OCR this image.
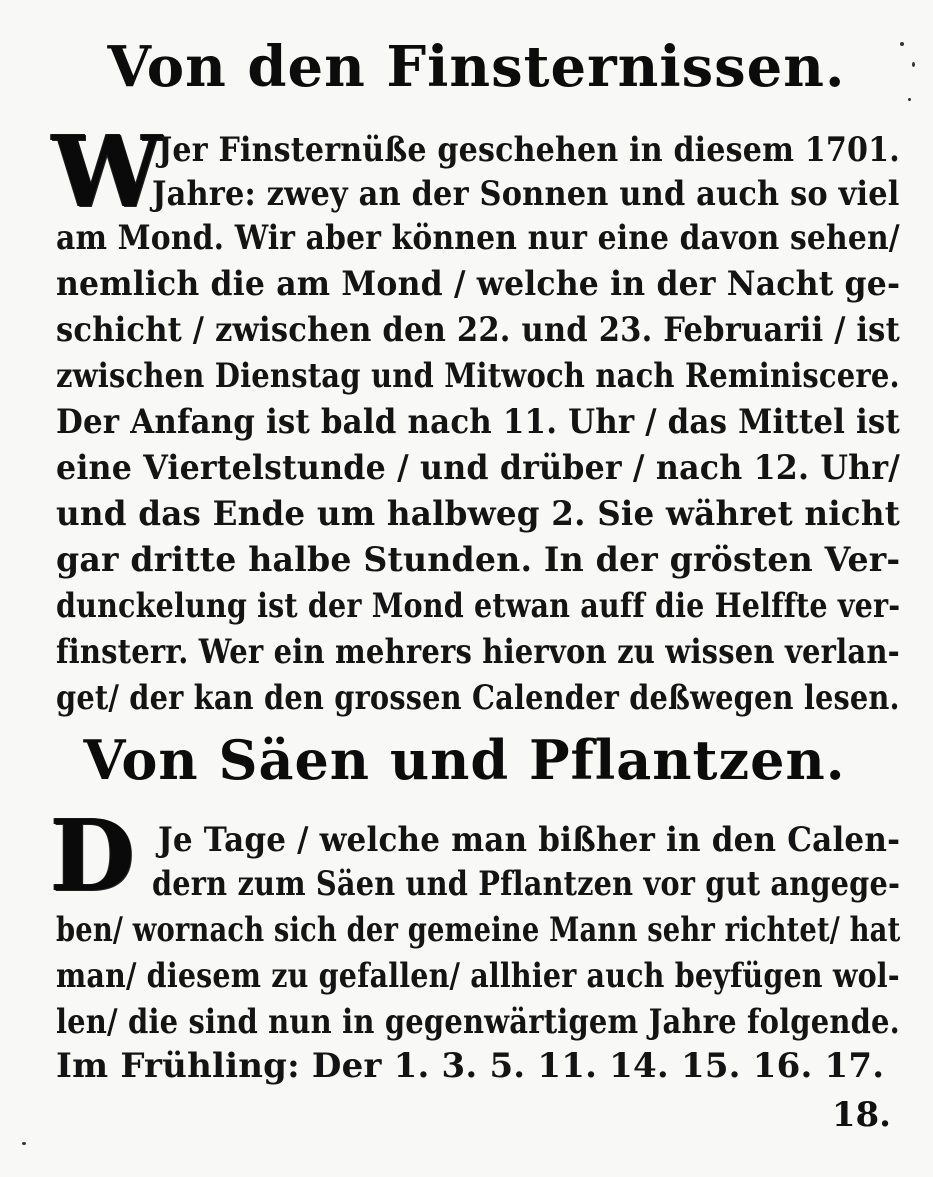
Von den Finsternissen.
W
Jer Finsternüße geschehen in diesem 1701.
Jahre: zwey an der Sonnen und auch so viel
am Mond. Wir aber können nur eine davon sehen/
nemlich die am Mond / welche in der Nacht ge-
schicht / zwischen den 22. und 23. Februarii / ist
zwischen Dienstag und Mitwoch nach Reminiscere.
Der Anfang ist bald nach 11. Uhr / das Mittel ist
eine Viertelstunde / und drüber / nach 12. Uhr/
und das Ende um halbweg 2. Sie währet nicht
gar dritte halbe Stunden. In der grösten Ver-
dunckelung ist der Mond etwan auff die Helffte ver-
finsterr. Wer ein mehrers hiervon zu wissen verlan-
get/ der kan den grossen Calender deßwegen lesen.
Von Säen und Pflantzen.
D Je Tage / welche man bißher in den Calen-
dern zum Säen und Pflantzen vor gut angege-
ben/ wornach sich der gemeine Mann sehr richtet/ hat
man/ diesem zu gefallen/ allhier auch beyfügen wol-
len/ die sind nun in gegenwärtigem Jahre folgende.
Im Frühling: Der 1. 3. 5. 11. 14. 15. 16. 17.
18.
